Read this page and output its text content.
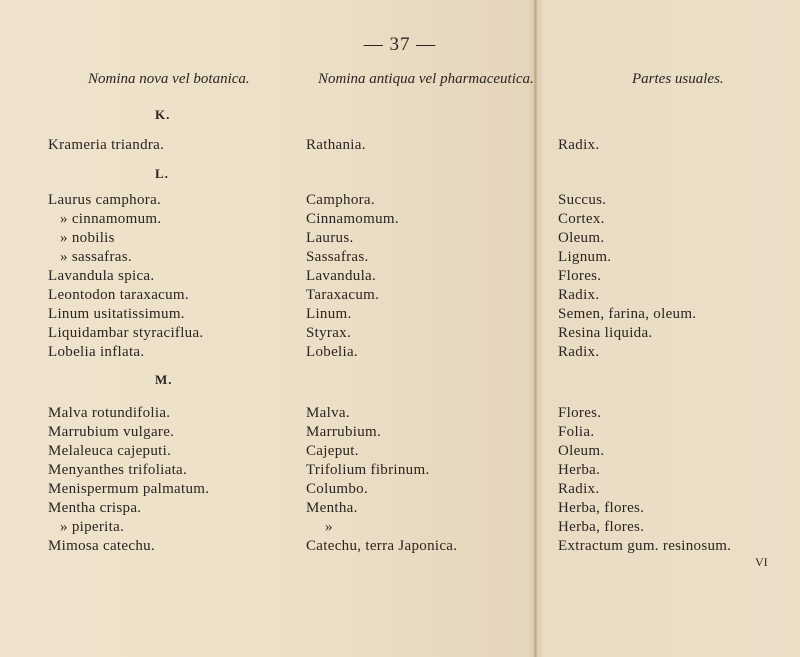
— 37 —
Nomina nova vel botanica.	Nomina antiqua vel pharmaceutica.	Partes usuales.
K.
Krameria triandra.	Rathania.	Radix.
L.
Laurus camphora.	Camphora.	Succus.
» cinnamomum.	Cinnamomum.	Cortex.
» nobilis	Laurus.	Oleum.
» sassafras.	Sassafras.	Lignum.
Lavandula spica.	Lavandula.	Flores.
Leontodon taraxacum.	Taraxacum.	Radix.
Linum usitatissimum.	Linum.	Semen, farina, oleum.
Liquidambar styraciflua.	Styrax.	Resina liquida.
Lobelia inflata.	Lobelia.	Radix.
M.
Malva rotundifolia.	Malva.	Flores.
Marrubium vulgare.	Marrubium.	Folia.
Melaleuca cajeputi.	Cajeput.	Oleum.
Menyanthes trifoliata.	Trifolium fibrinum.	Herba.
Menispermum palmatum.	Columbo.	Radix.
Mentha crispa.	Mentha.	Herba, flores.
» piperita.	»	Herba, flores.
Mimosa catechu.	Catechu, terra Japonica.	Extractum gum. resinosum.
VI
